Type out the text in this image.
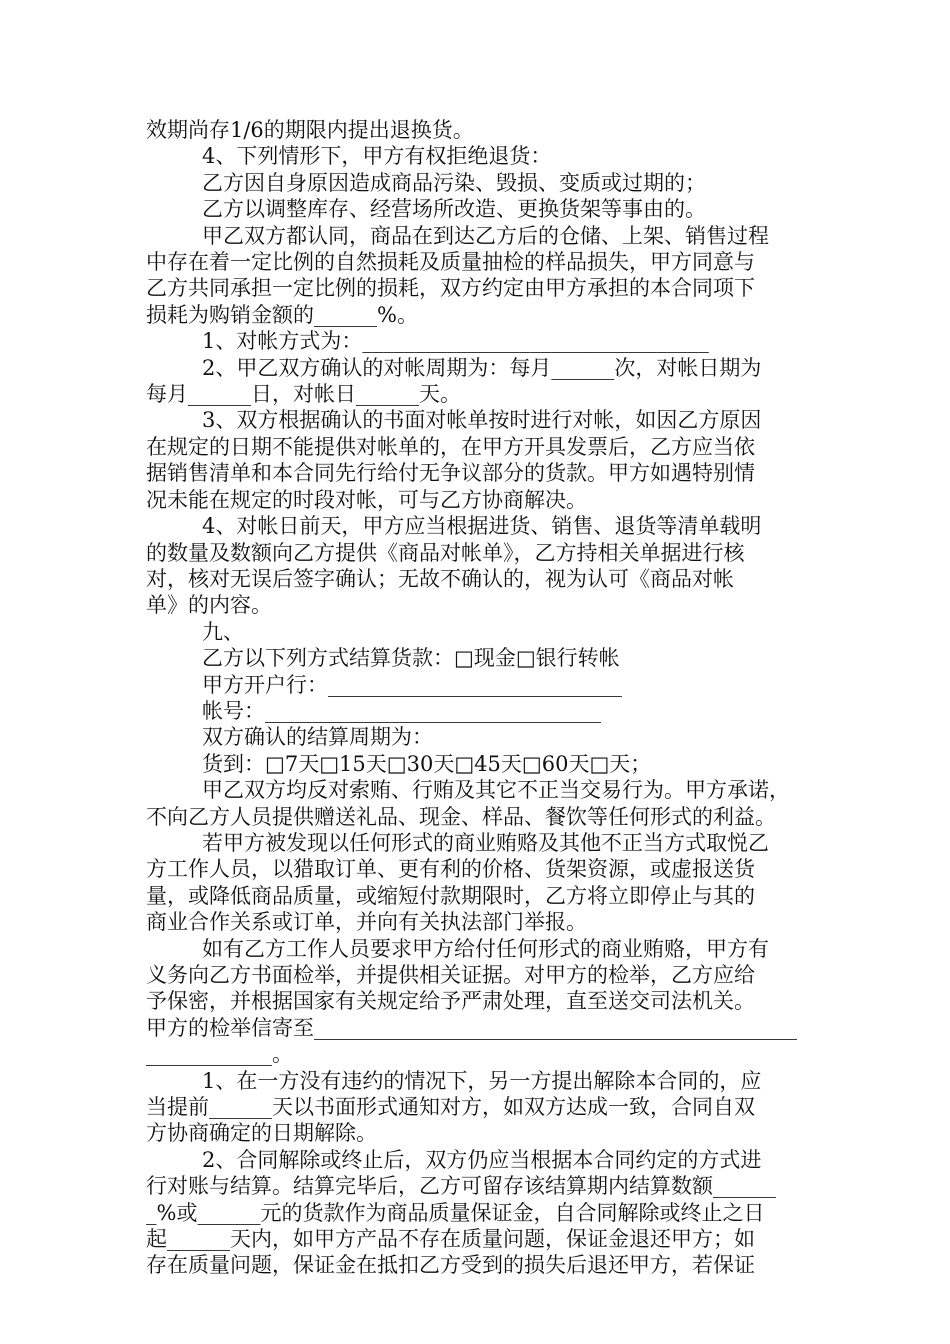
效期尚存1/6的期限内提出退换货。

4、下列情形下，甲方有权拒绝退货：

乙方因自身原因造成商品污染、毁损、变质或过期的；

乙方以调整库存、经营场所改造、更换货架等事由的。

甲乙双方都认同，商品在到达乙方后的仓储、上架、销售过程

中存在着一定比例的自然损耗及质量抽检的样品损失，甲方同意与

乙方共同承担一定比例的损耗，双方约定由甲方承担的本合同项下

损耗为购销金额的______%。

1、对帐方式为：_________________________________

2、甲乙双方确认的对帐周期为：每月______次，对帐日期为

每月______日，对帐日______天。

3、双方根据确认的书面对帐单按时进行对帐，如因乙方原因

在规定的日期不能提供对帐单的，在甲方开具发票后，乙方应当依

据销售清单和本合同先行给付无争议部分的货款。甲方如遇特别情

况未能在规定的时段对帐，可与乙方协商解决。

4、对帐日前天，甲方应当根据进货、销售、退货等清单载明

的数量及数额向乙方提供《商品对帐单》，乙方持相关单据进行核

对，核对无误后签字确认；无故不确认的，视为认可《商品对帐

单》的内容。

九、

乙方以下列方式结算货款：□现金□银行转帐

甲方开户行：____________________________

帐号：________________________________

双方确认的结算周期为：

货到：□7天□15天□30天□45天□60天□天；

甲乙双方均反对索贿、行贿及其它不正当交易行为。甲方承诺，

不向乙方人员提供赠送礼品、现金、样品、餐饮等任何形式的利益。

若甲方被发现以任何形式的商业贿赂及其他不正当方式取悦乙

方工作人员，以猎取订单、更有利的价格、货架资源，或虚报送货

量，或降低商品质量，或缩短付款期限时，乙方将立即停止与其的

商业合作关系或订单，并向有关执法部门举报。

如有乙方工作人员要求甲方给付任何形式的商业贿赂，甲方有

义务向乙方书面检举，并提供相关证据。对甲方的检举，乙方应给

予保密，并根据国家有关规定给予严肃处理，直至送交司法机关。

甲方的检举信寄至______________________________________________

____________。

1、在一方没有违约的情况下，另一方提出解除本合同的，应

当提前______天以书面形式通知对方，如双方达成一致，合同自双

方协商确定的日期解除。

2、合同解除或终止后，双方仍应当根据本合同约定的方式进

行对账与结算。结算完毕后，乙方可留存该结算期内结算数额______

_%或______元的货款作为商品质量保证金，自合同解除或终止之日

起______天内，如甲方产品不存在质量问题，保证金退还甲方；如

存在质量问题，保证金在抵扣乙方受到的损失后退还甲方，若保证
